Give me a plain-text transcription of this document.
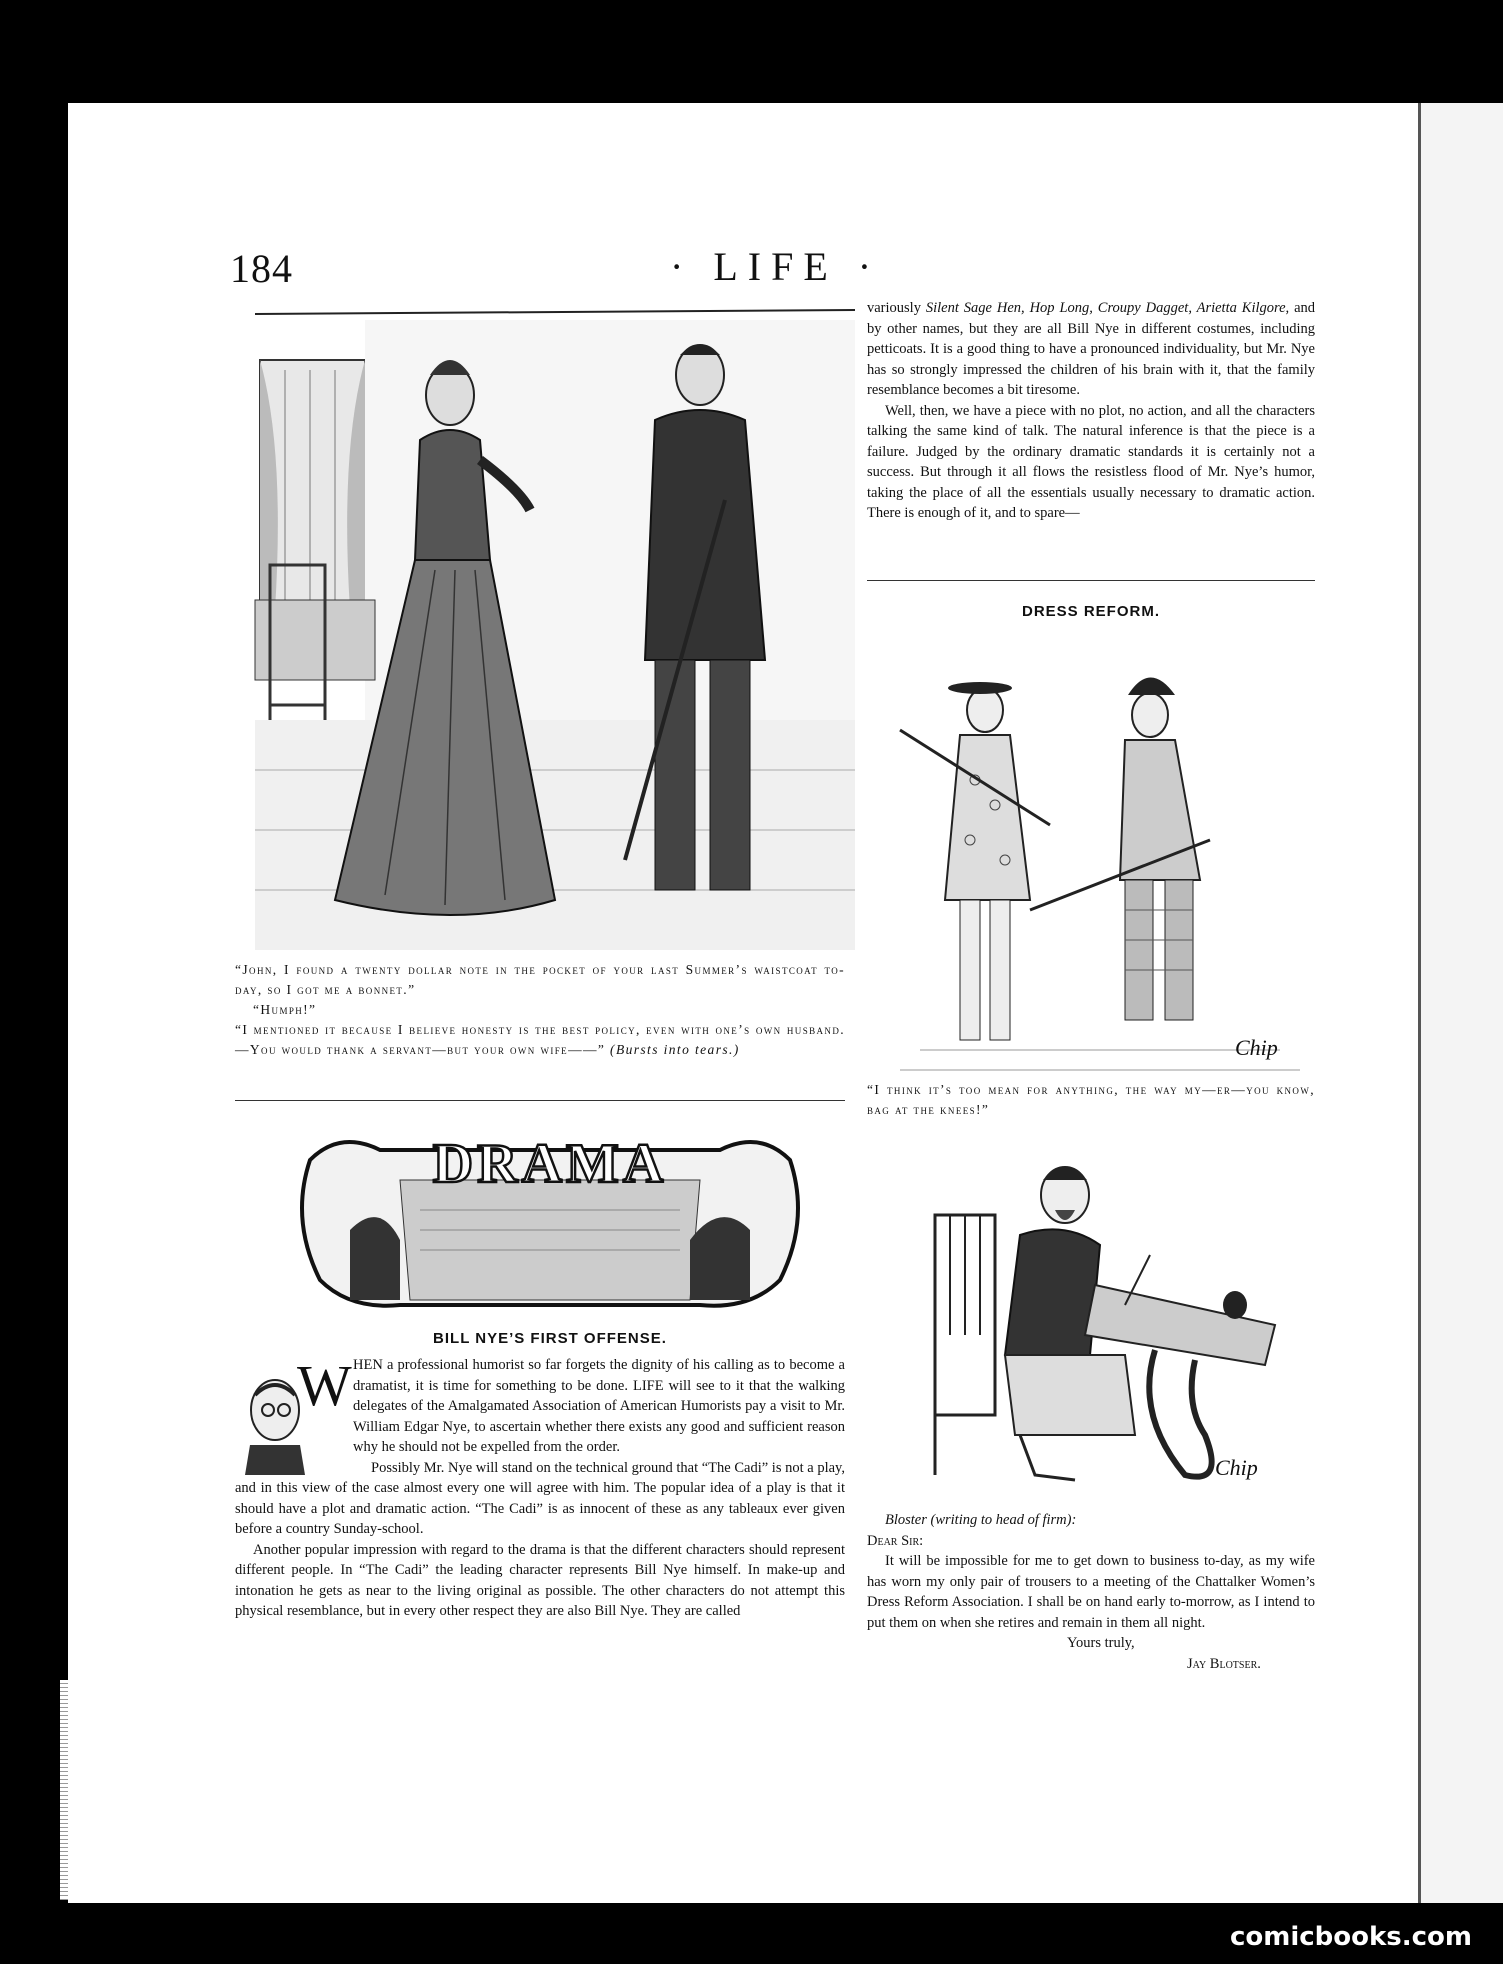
184	· LIFE ·

“John, I found a twenty dollar note in the pocket of your last Summer’s waistcoat to-day, so I got me a bonnet.”

“Humph!”

“I mentioned it because I believe honesty is the best policy, even with one’s own husband.—You would thank a servant—but your own wife——” (Bursts into tears.)

DRAMA
BILL NYE’S FIRST OFFENSE.
W HEN a professional humorist so far forgets the dignity of his calling as to become a dramatist, it is time for something to be done. LIFE will see to it that the walking delegates of the Amalgamated Association of American Humorists pay a visit to Mr. William Edgar Nye, to ascertain whether there exists any good and sufficient reason why he should not be expelled from the order.

Possibly Mr. Nye will stand on the technical ground that “The Cadi” is not a play, and in this view of the case almost every one will agree with him. The popular idea of a play is that it should have a plot and dramatic action. “The Cadi” is as innocent of these as any tableaux ever given before a country Sunday-school.

Another popular impression with regard to the drama is that the different characters should represent different people. In “The Cadi” the leading character represents Bill Nye himself. In make-up and intonation he gets as near to the living original as possible. The other characters do not attempt this physical resemblance, but in every other respect they are also Bill Nye. They are called

variously Silent Sage Hen, Hop Long, Croupy Dagget, Arietta Kilgore, and by other names, but they are all Bill Nye in different costumes, including petticoats. It is a good thing to have a pronounced individuality, but Mr. Nye has so strongly impressed the children of his brain with it, that the family resemblance becomes a bit tiresome.

Well, then, we have a piece with no plot, no action, and all the characters talking the same kind of talk. The natural inference is that the piece is a failure. Judged by the ordinary dramatic standards it is certainly not a success. But through it all flows the resistless flood of Mr. Nye’s humor, taking the place of all the essentials usually necessary to dramatic action. There is enough of it, and to spare—

DRESS REFORM.
Chip
“I think it’s too mean for anything, the way my—er—you know, bag at the knees!”
Chip

Bloster (writing to head of firm):

Dear Sir:

It will be impossible for me to get down to business to-day, as my wife has worn my only pair of trousers to a meeting of the Chattalker Women’s Dress Reform Association. I shall be on hand early to-morrow, as I intend to put them on when she retires and remain in them all night.

Yours truly,

Jay Blotser.

comicbooks.com
